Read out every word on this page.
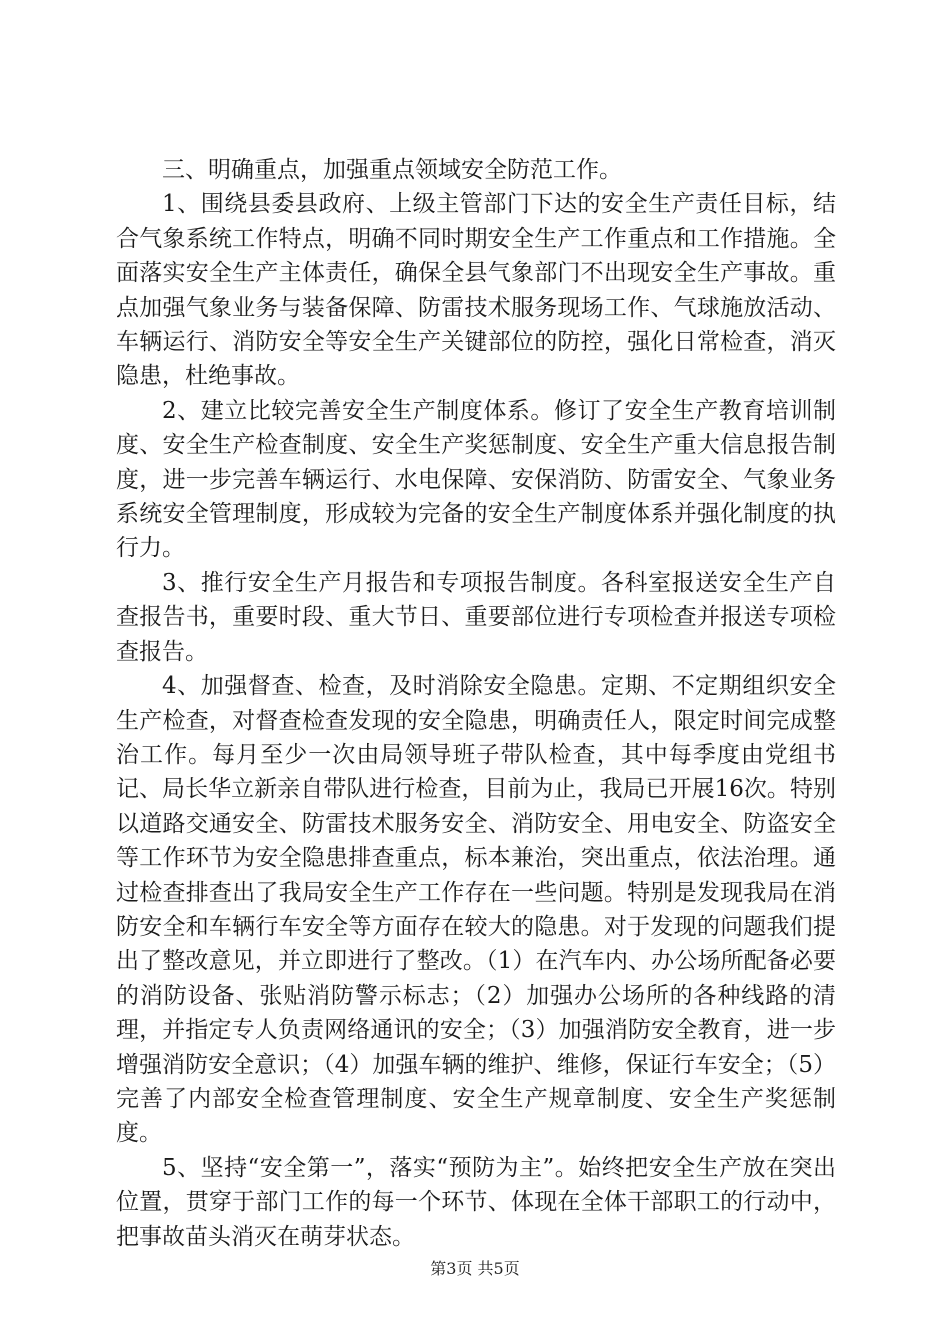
三、明确重点，加强重点领域安全防范工作。

1、围绕县委县政府、上级主管部门下达的安全生产责任目标，结合气象系统工作特点，明确不同时期安全生产工作重点和工作措施。全面落实安全生产主体责任，确保全县气象部门不出现安全生产事故。重点加强气象业务与装备保障、防雷技术服务现场工作、气球施放活动、车辆运行、消防安全等安全生产关键部位的防控，强化日常检查，消灭隐患，杜绝事故。

2、建立比较完善安全生产制度体系。修订了安全生产教育培训制度、安全生产检查制度、安全生产奖惩制度、安全生产重大信息报告制度，进一步完善车辆运行、水电保障、安保消防、防雷安全、气象业务系统安全管理制度，形成较为完备的安全生产制度体系并强化制度的执行力。

3、推行安全生产月报告和专项报告制度。各科室报送安全生产自查报告书，重要时段、重大节日、重要部位进行专项检查并报送专项检查报告。

4、加强督查、检查，及时消除安全隐患。定期、不定期组织安全生产检查，对督查检查发现的安全隐患，明确责任人，限定时间完成整治工作。每月至少一次由局领导班子带队检查，其中每季度由党组书记、局长华立新亲自带队进行检查，目前为止，我局已开展16次。特别以道路交通安全、防雷技术服务安全、消防安全、用电安全、防盗安全等工作环节为安全隐患排查重点，标本兼治，突出重点，依法治理。通过检查排查出了我局安全生产工作存在一些问题。特别是发现我局在消防安全和车辆行车安全等方面存在较大的隐患。对于发现的问题我们提出了整改意见，并立即进行了整改。（1）在汽车内、办公场所配备必要的消防设备、张贴消防警示标志；（2）加强办公场所的各种线路的清理，并指定专人负责网络通讯的安全；（3）加强消防安全教育，进一步增强消防安全意识；（4）加强车辆的维护、维修，保证行车安全；（5）完善了内部安全检查管理制度、安全生产规章制度、安全生产奖惩制度。

5、坚持“安全第一”，落实“预防为主”。始终把安全生产放在突出位置，贯穿于部门工作的每一个环节、体现在全体干部职工的行动中，把事故苗头消灭在萌芽状态。

第3页 共5页
